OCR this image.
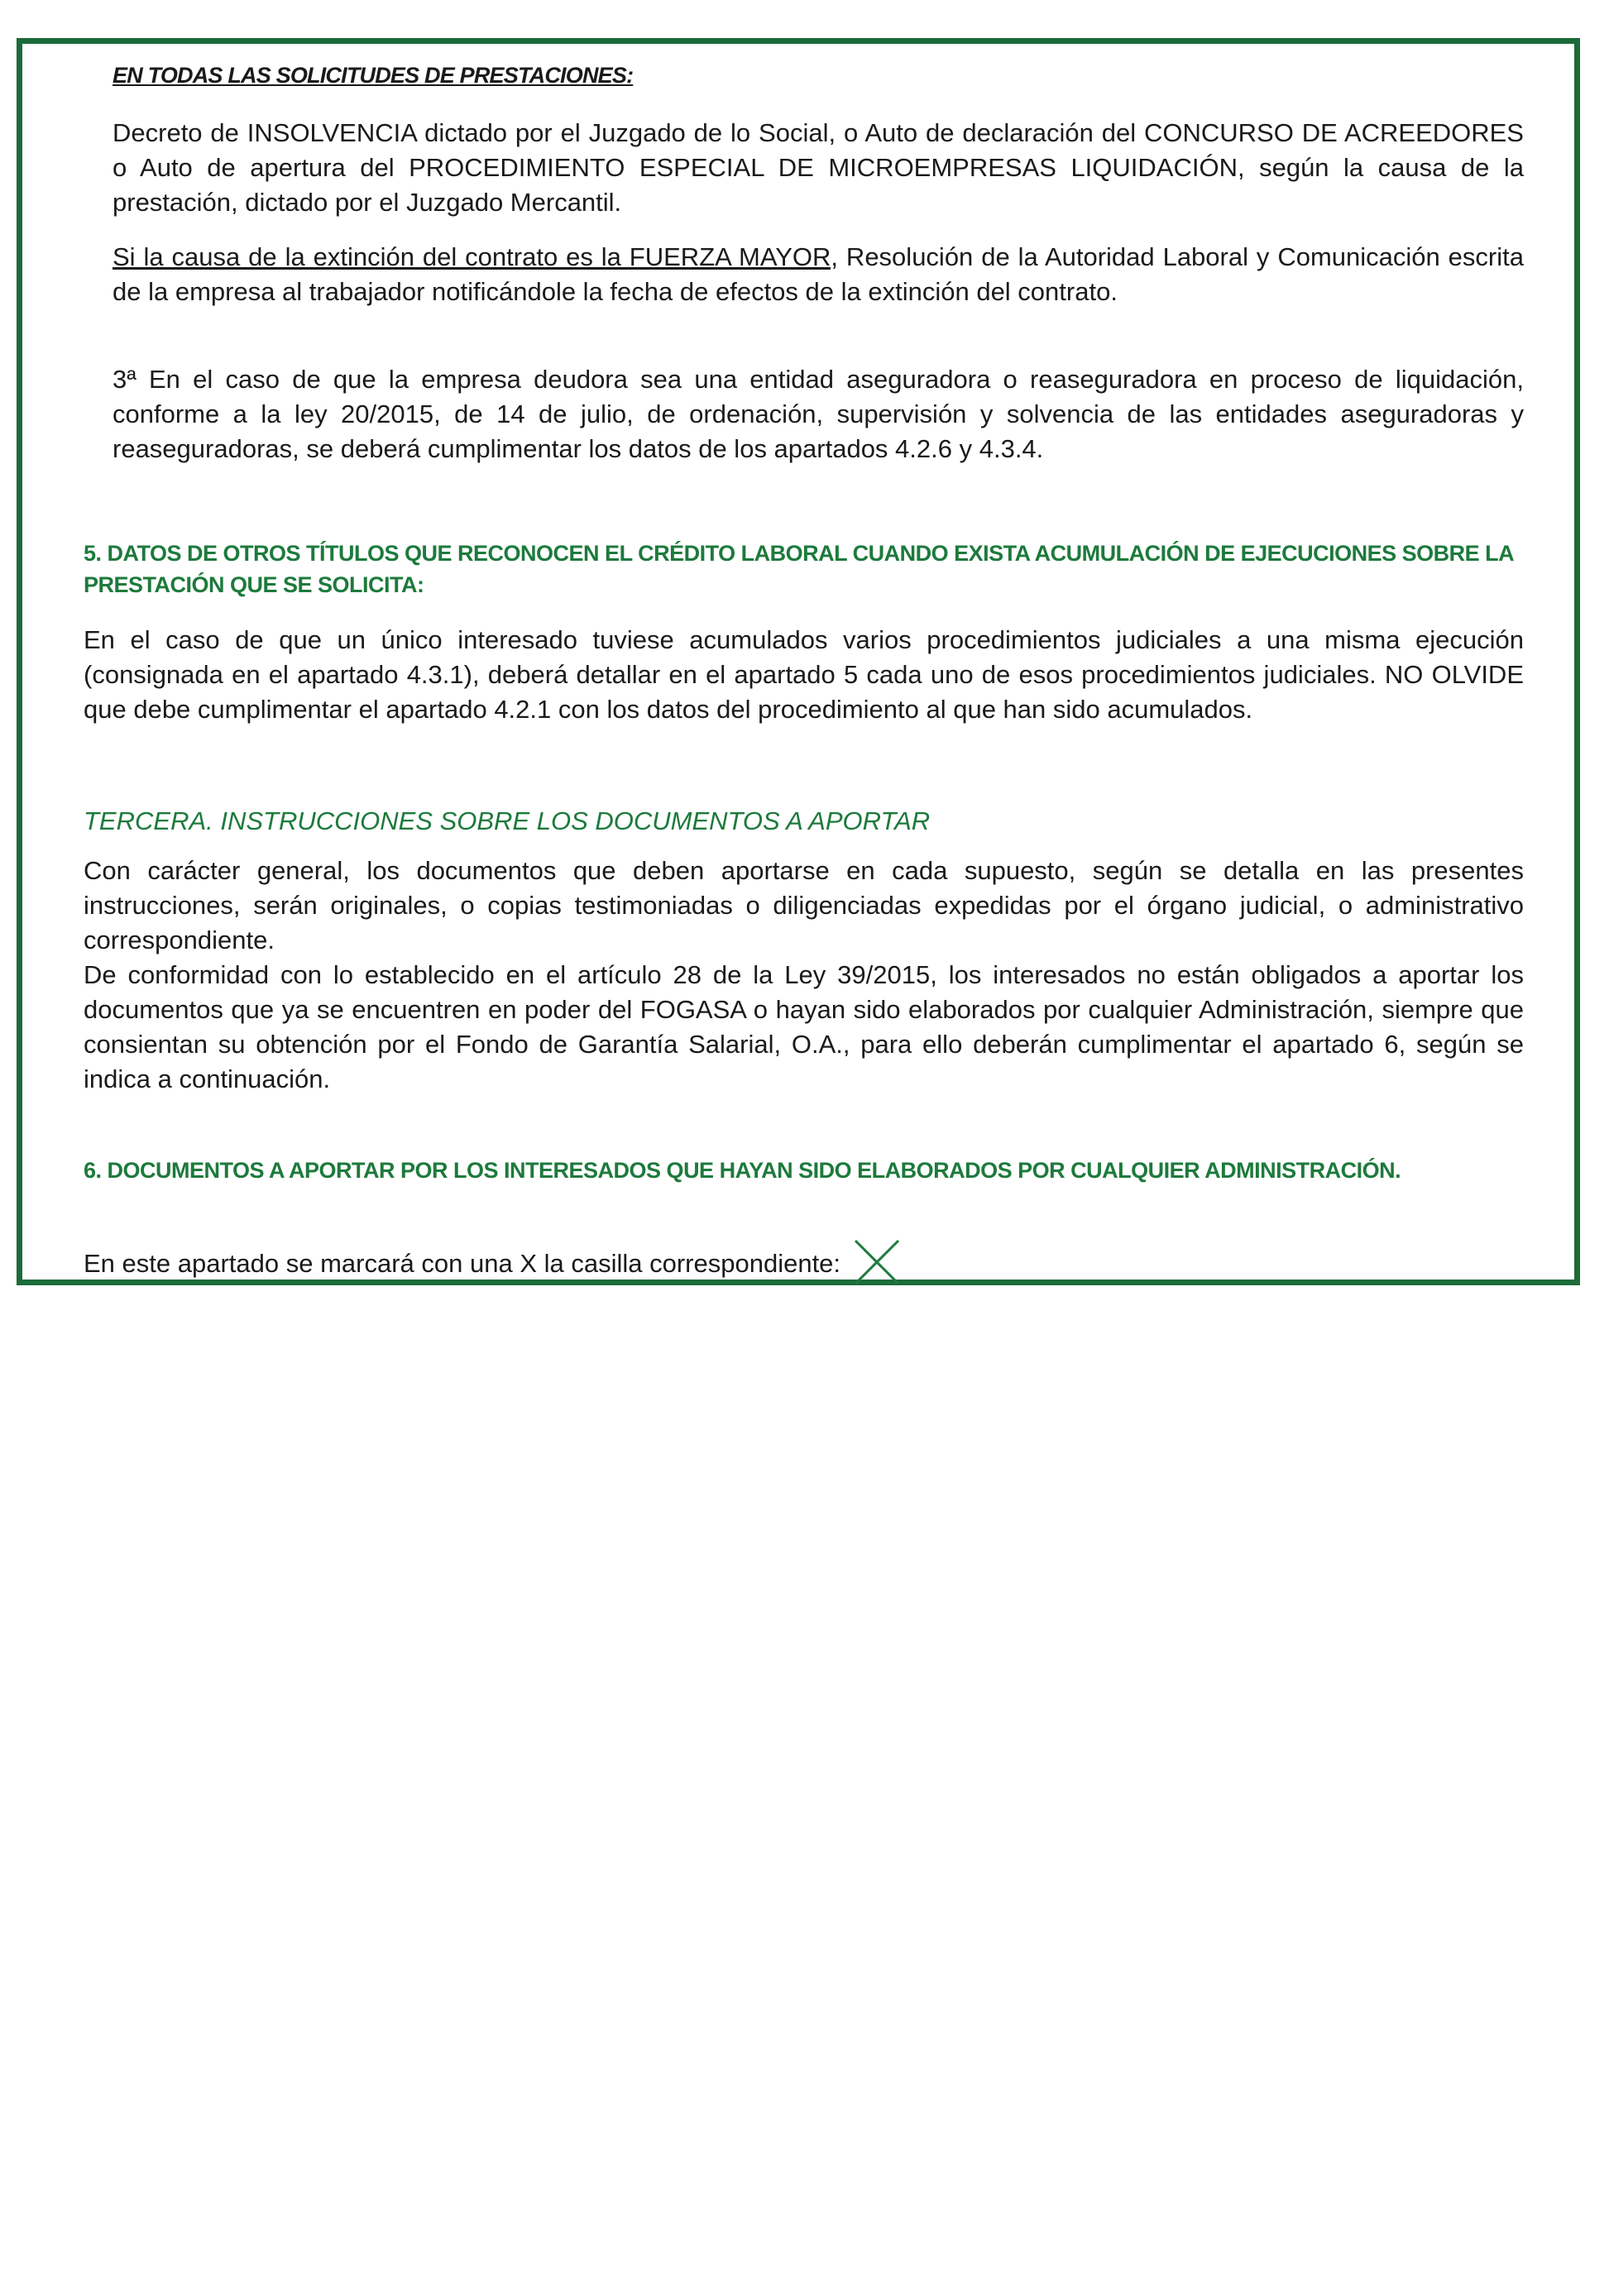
EN TODAS LAS SOLICITUDES DE PRESTACIONES:

Decreto de INSOLVENCIA dictado por el Juzgado de lo Social, o Auto de declaración del CONCURSO DE ACREEDORES o Auto de apertura del PROCEDIMIENTO ESPECIAL DE MICROEMPRESAS LIQUIDACIÓN, según la causa de la prestación, dictado por el Juzgado Mercantil.

Si la causa de la extinción del contrato es la FUERZA MAYOR, Resolución de la Autoridad Laboral y Comunicación escrita de la empresa al trabajador notificándole la fecha de efectos de la extinción del contrato.

3ª En el caso de que la empresa deudora sea una entidad aseguradora o reaseguradora en proceso de liquidación, conforme a la ley 20/2015, de 14 de julio, de ordenación, supervisión y solvencia de las entidades aseguradoras y reaseguradoras, se deberá cumplimentar los datos de los apartados 4.2.6 y 4.3.4.

5. DATOS DE OTROS TÍTULOS QUE RECONOCEN EL CRÉDITO LABORAL CUANDO EXISTA ACUMULACIÓN DE EJECUCIONES SOBRE LA PRESTACIÓN QUE SE SOLICITA:

En el caso de que un único interesado tuviese acumulados varios procedimientos judiciales a una misma ejecución (consignada en el apartado 4.3.1), deberá detallar en el apartado 5 cada uno de esos procedimientos judiciales. NO OLVIDE que debe cumplimentar el apartado 4.2.1 con los datos del procedimiento al que han sido acumulados.

TERCERA. INSTRUCCIONES SOBRE LOS DOCUMENTOS A APORTAR

Con carácter general, los documentos que deben aportarse en cada supuesto, según se detalla en las presentes instrucciones, serán originales, o copias testimoniadas o diligenciadas expedidas por el órgano judicial, o administrativo correspondiente.

De conformidad con lo establecido en el artículo 28 de la Ley 39/2015, los interesados no están obligados a aportar los documentos que ya se encuentren en poder del FOGASA o hayan sido elaborados por cualquier Administración, siempre que consientan su obtención por el Fondo de Garantía Salarial, O.A., para ello deberán cumplimentar el apartado 6, según se indica a continuación.

6. DOCUMENTOS A APORTAR POR LOS INTERESADOS QUE HAYAN SIDO ELABORADOS POR CUALQUIER ADMINISTRACIÓN.
En este apartado se marcará con una X la casilla correspondiente:
